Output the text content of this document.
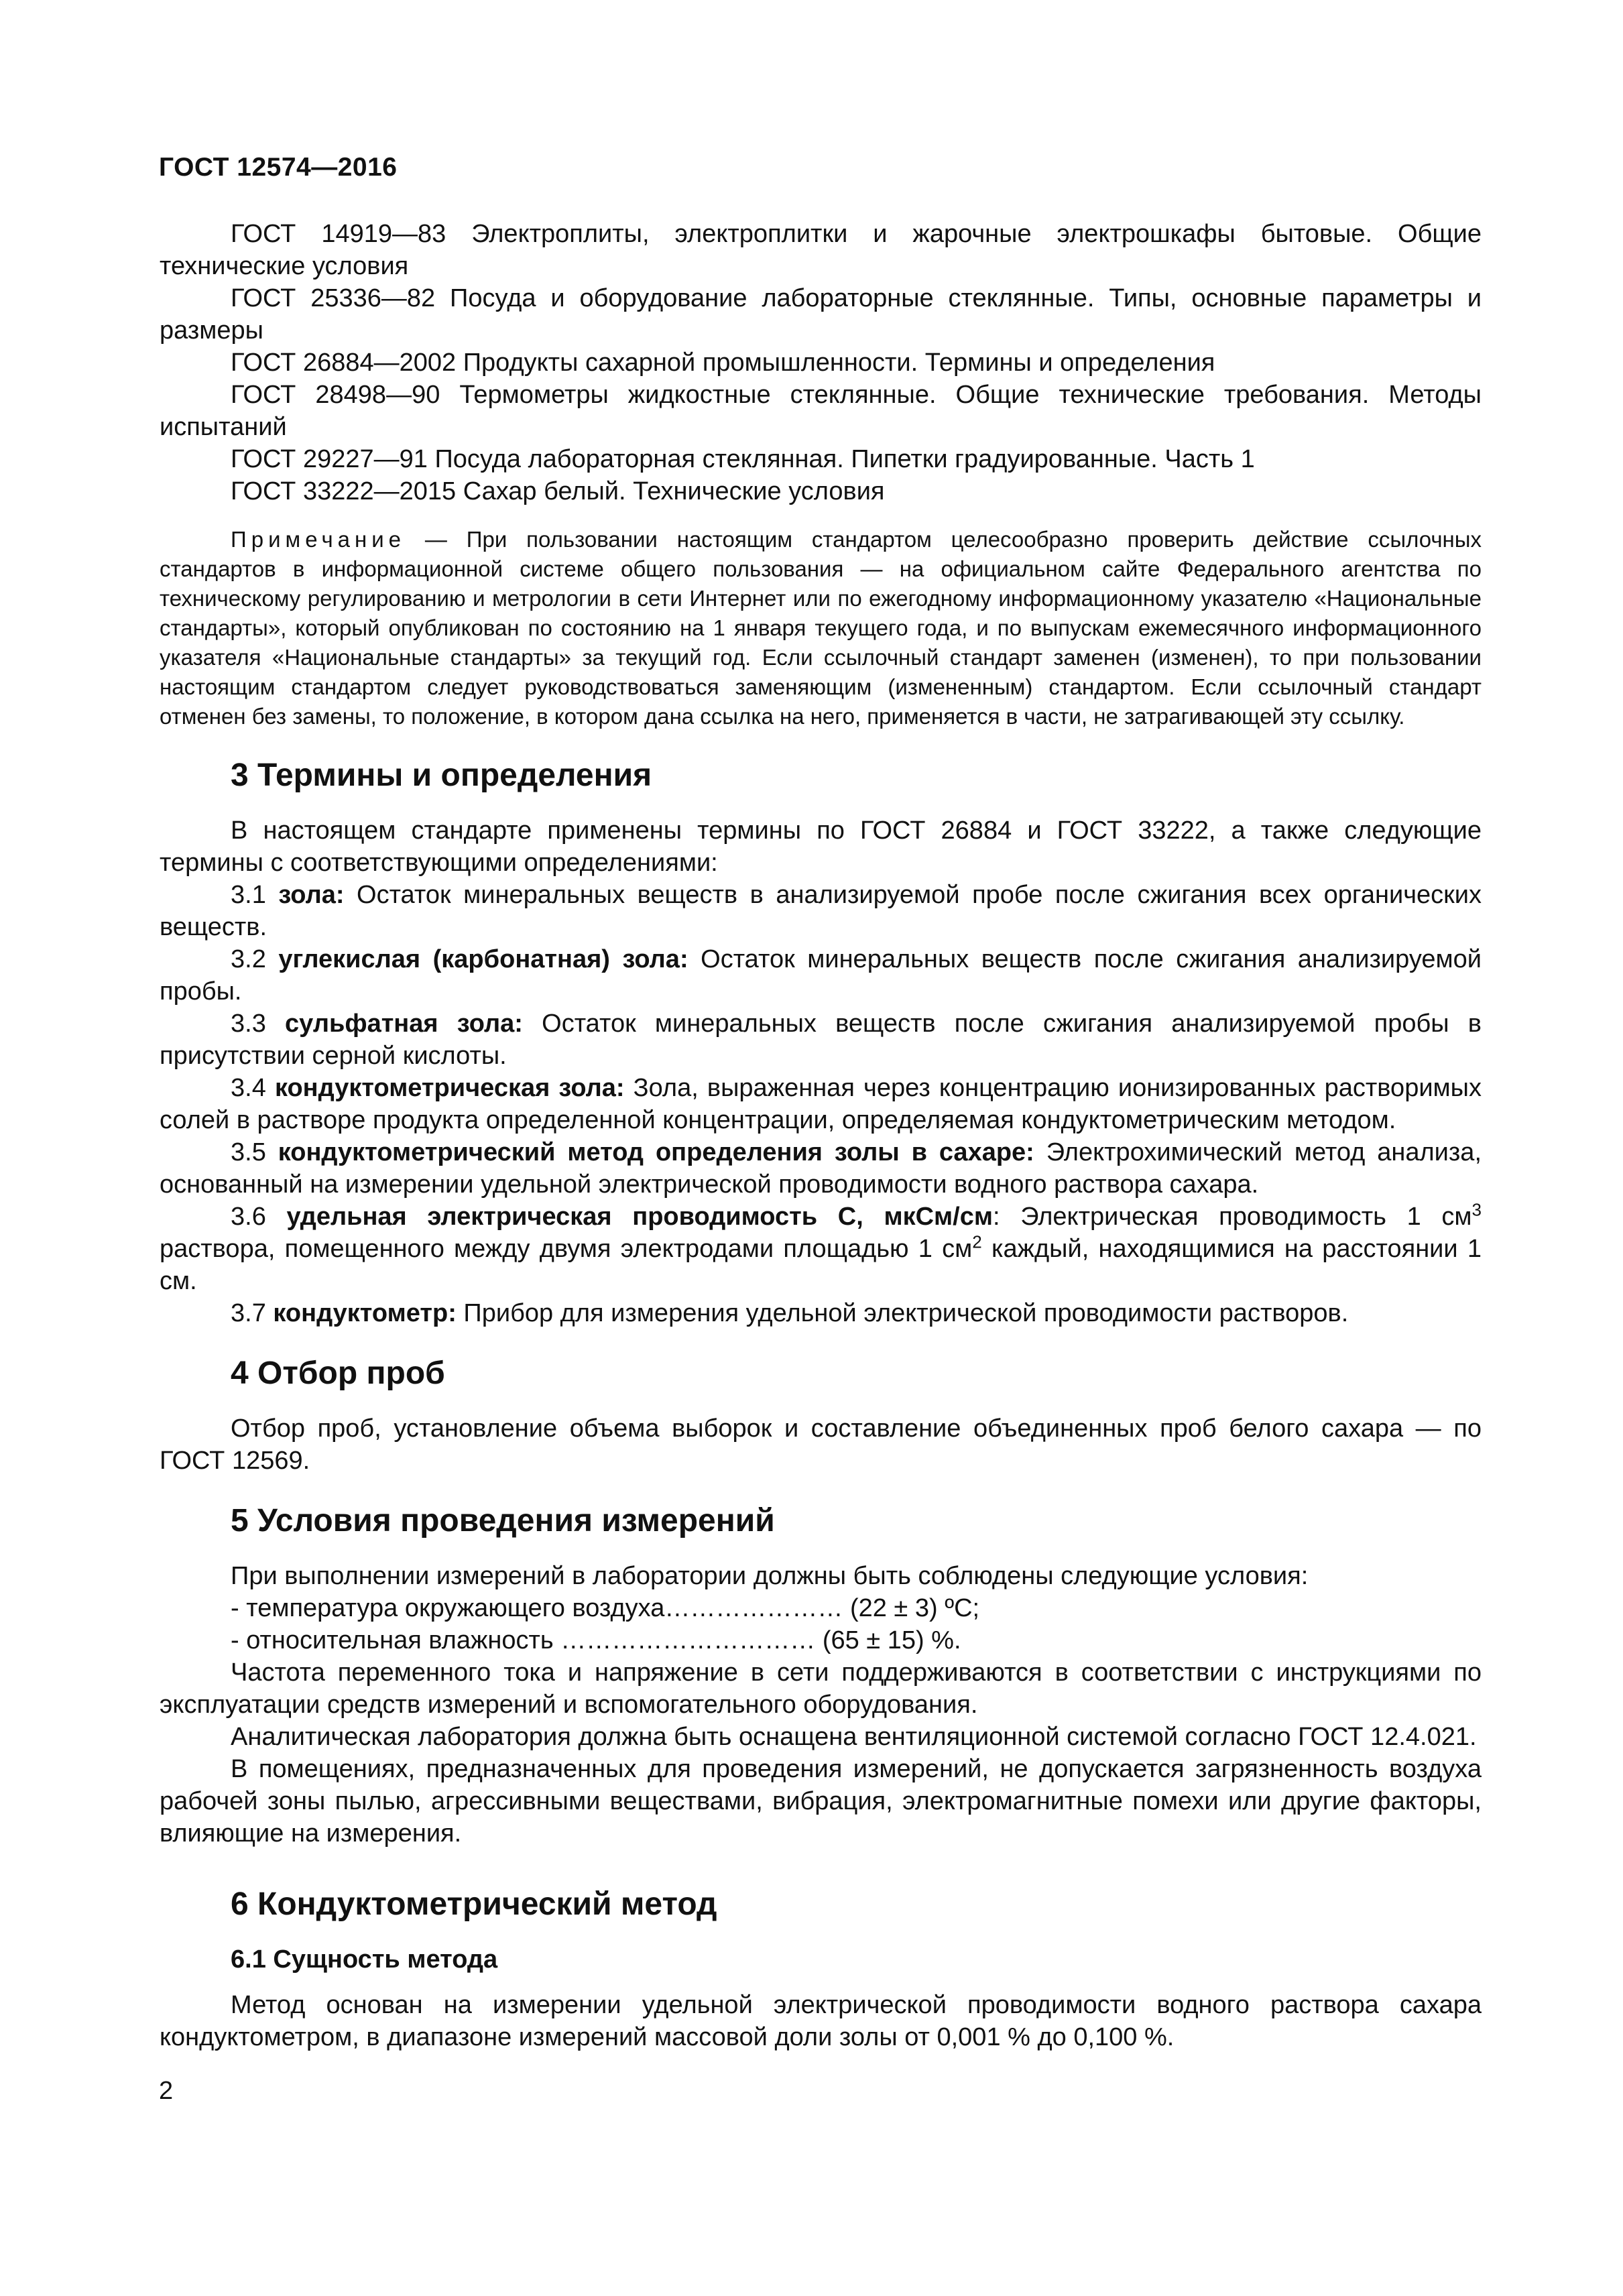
ГОСТ 12574—2016

ГОСТ 14919—83 Электроплиты, электроплитки и жарочные электрошкафы бытовые. Общие технические условия

ГОСТ 25336—82 Посуда и оборудование лабораторные стеклянные. Типы, основные параметры и размеры

ГОСТ 26884—2002 Продукты сахарной промышленности. Термины и определения

ГОСТ 28498—90 Термометры жидкостные стеклянные. Общие технические требования. Методы испытаний

ГОСТ 29227—91 Посуда лабораторная стеклянная. Пипетки градуированные. Часть 1

ГОСТ 33222—2015 Сахар белый. Технические условия

Примечание — При пользовании настоящим стандартом целесообразно проверить действие ссылочных стандартов в информационной системе общего пользования — на официальном сайте Федерального агентства по техническому регулированию и метрологии в сети Интернет или по ежегодному информационному указателю «Национальные стандарты», который опубликован по состоянию на 1 января текущего года, и по выпускам ежемесячного информационного указателя «Национальные стандарты» за текущий год. Если ссылочный стандарт заменен (изменен), то при пользовании настоящим стандартом следует руководствоваться заменяющим (измененным) стандартом. Если ссылочный стандарт отменен без замены, то положение, в котором дана ссылка на него, применяется в части, не затрагивающей эту ссылку.

3 Термины и определения

В настоящем стандарте применены термины по ГОСТ 26884 и ГОСТ 33222, а также следующие термины с соответствующими определениями:

3.1 зола: Остаток минеральных веществ в анализируемой пробе после сжигания всех органических веществ.

3.2 углекислая (карбонатная) зола: Остаток минеральных веществ после сжигания анализируемой пробы.

3.3 сульфатная зола: Остаток минеральных веществ после сжигания анализируемой пробы в присутствии серной кислоты.

3.4 кондуктометрическая зола: Зола, выраженная через концентрацию ионизированных растворимых солей в растворе продукта определенной концентрации, определяемая кондуктометрическим методом.

3.5 кондуктометрический метод определения золы в сахаре: Электрохимический метод анализа, основанный на измерении удельной электрической проводимости водного раствора сахара.

3.6 удельная электрическая проводимость С, мкСм/см: Электрическая проводимость 1 $см^3$ раствора, помещенного между двумя электродами площадью 1 $см^2$ каждый, находящимися на расстоянии 1 см.

3.7 кондуктометр: Прибор для измерения удельной электрической проводимости растворов.

4 Отбор проб

Отбор проб, установление объема выборок и составление объединенных проб белого сахара — по ГОСТ 12569.

5 Условия проведения измерений

При выполнении измерений в лаборатории должны быть соблюдены следующие условия:

- температура окружающего воздуха………………… (22 ± 3) ºС;

- относительная влажность ………………………… (65 ± 15) %.

Частота переменного тока и напряжение в сети поддерживаются в соответствии с инструкциями по эксплуатации средств измерений и вспомогательного оборудования.

Аналитическая лаборатория должна быть оснащена вентиляционной системой согласно ГОСТ 12.4.021.

В помещениях, предназначенных для проведения измерений, не допускается загрязненность воздуха рабочей зоны пылью, агрессивными веществами, вибрация, электромагнитные помехи или другие факторы, влияющие на измерения.

6 Кондуктометрический метод
6.1 Сущность метода

Метод основан на измерении удельной электрической проводимости водного раствора сахара кондуктометром, в диапазоне измерений массовой доли золы от 0,001 % до 0,100 %.

2
